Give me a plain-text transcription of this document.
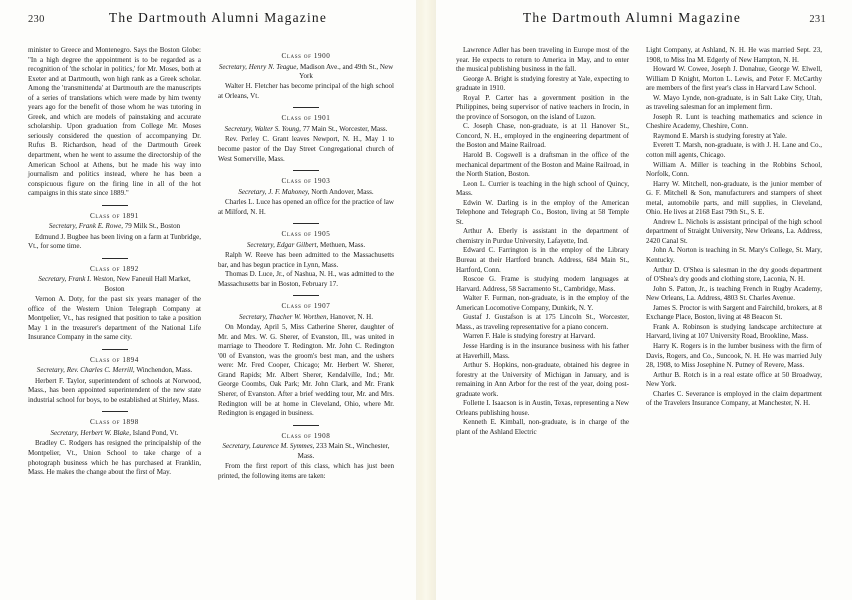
230	The Dartmouth Alumni Magazine

minister to Greece and Montenegro. Says the Boston Globe: "In a high degree the appointment is to be regarded as a recognition of 'the scholar in politics,' for Mr. Moses, both at Exeter and at Dartmouth, won high rank as a Greek scholar. Among the 'transmittenda' at Dartmouth are the manuscripts of a series of translations which were made by him twenty years ago for the benefit of those whom he was tutoring in Greek, and which are models of painstaking and accurate scholarship. Upon graduation from College Mr. Moses seriously considered the question of accompanying Dr. Rufus B. Richardson, head of the Dartmouth Greek department, when he went to assume the directorship of the American School at Athens, but he made his way into journalism and politics instead, where he has been a conspicuous figure on the firing line in all of the hot campaigns in this state since 1889."

Class of 1891
Secretary, Frank E. Rowe, 79 Milk St., Boston

Edmund J. Bugbee has been living on a farm at Tunbridge, Vt., for some time.

Class of 1892
Secretary, Frank I. Weston, New Faneuil Hall Market, Boston

Vernon A. Doty, for the past six years manager of the office of the Western Union Telegraph Company at Montpelier, Vt., has resigned that position to take a position May 1 in the treasurer's department of the National Life Insurance Company in the same city.

Class of 1894
Secretary, Rev. Charles C. Merrill, Winchendon, Mass.

Herbert F. Taylor, superintendent of schools at Norwood, Mass., has been appointed superintendent of the new state industrial school for boys, to be established at Shirley, Mass.

Class of 1898
Secretary, Herbert W. Blake, Island Pond, Vt.

Bradley C. Rodgers has resigned the principalship of the Montpelier, Vt., Union School to take charge of a photograph business which he has purchased at Franklin, Mass. He makes the change about the first of May.

Class of 1900
Secretary, Henry N. Teague, Madison Ave., and 49th St., New York

Walter H. Fletcher has become principal of the high school at Orleans, Vt.

Class of 1901
Secretary, Walter S. Young, 77 Main St., Worcester, Mass.

Rev. Perley C. Grant leaves Newport, N. H., May 1 to become pastor of the Day Street Congregational church of West Somerville, Mass.

Class of 1903
Secretary, J. F. Mahoney, North Andover, Mass.

Charles L. Luce has opened an office for the practice of law at Milford, N. H.

Class of 1905
Secretary, Edgar Gilbert, Methuen, Mass.

Ralph W. Reeve has been admitted to the Massachusetts bar, and has begun practice in Lynn, Mass.

Thomas D. Luce, Jr., of Nashua, N. H., was admitted to the Massachusetts bar in Boston, February 17.

Class of 1907
Secretary, Thacher W. Worthen, Hanover, N. H.

On Monday, April 5, Miss Catherine Sherer, daughter of Mr. and Mrs. W. G. Sherer, of Evanston, Ill., was united in marriage to Theodore T. Redington. Mr. John C. Redington '00 of Evanston, was the groom's best man, and the ushers were: Mr. Fred Cooper, Chicago; Mr. Herbert W. Sherer, Grand Rapids; Mr. Albert Sherer, Kendalville, Ind.; Mr. George Coombs, Oak Park; Mr. John Clark, and Mr. Frank Sherer, of Evanston. After a brief wedding tour, Mr. and Mrs. Redington will be at home in Cleveland, Ohio, where Mr. Redington is engaged in business.

Class of 1908
Secretary, Laurence M. Symmes, 233 Main St., Winchester, Mass.

From the first report of this class, which has just been printed, the following items are taken:

The Dartmouth Alumni Magazine	231

Lawrence Adler has been traveling in Europe most of the year. He expects to return to America in May, and to enter the musical publishing business in the fall.

George A. Bright is studying forestry at Yale, expecting to graduate in 1910.

Royal P. Carter has a government position in the Philippines, being supervisor of native teachers in Irocin, in the province of Sorsogon, on the island of Luzon.

C. Joseph Chase, non-graduate, is at 11 Hanover St., Concord, N. H., employed in the engineering department of the Boston and Maine Railroad.

Harold B. Cogswell is a draftsman in the office of the mechanical department of the Boston and Maine Railroad, in the North Station, Boston.

Leon L. Currier is teaching in the high school of Quincy, Mass.

Edwin W. Darling is in the employ of the American Telephone and Telegraph Co., Boston, living at 58 Temple St.

Arthur A. Eberly is assistant in the department of chemistry in Purdue University, Lafayette, Ind.

Edward C. Farrington is in the employ of the Library Bureau at their Hartford branch. Address, 684 Main St., Hartford, Conn.

Roscoe G. Frame is studying modern languages at Harvard. Address, 58 Sacramento St., Cambridge, Mass.

Walter F. Furman, non-graduate, is in the employ of the American Locomotive Company, Dunkirk, N. Y.

Gustaf J. Gustafson is at 175 Lincoln St., Worcester, Mass., as traveling representative for a piano concern.

Warren F. Hale is studying forestry at Harvard.

Jesse Harding is in the insurance business with his father at Haverhill, Mass.

Arthur S. Hopkins, non-graduate, obtained his degree in forestry at the University of Michigan in January, and is remaining in Ann Arbor for the rest of the year, doing post-graduate work.

Follette I. Isaacson is in Austin, Texas, representing a New Orleans publishing house.

Kenneth E. Kimball, non-graduate, is in charge of the plant of the Ashland Electric

Light Company, at Ashland, N. H. He was married Sept. 23, 1908, to Miss Ina M. Edgerly of New Hampton, N. H.

Howard W. Cowee, Joseph J. Donahue, George W. Elwell, William D Knight, Morton L. Lewis, and Peter F. McCarthy are members of the first year's class in Harvard Law School.

W. Mayo Lynde, non-graduate, is in Salt Lake City, Utah, as traveling salesman for an implement firm.

Joseph R. Lunt is teaching mathematics and science in Cheshire Academy, Cheshire, Conn.

Raymond E. Marsh is studying forestry at Yale.

Everett T. Marsh, non-graduate, is with J. H. Lane and Co., cotton mill agents, Chicago.

William A. Miller is teaching in the Robbins School, Norfolk, Conn.

Harry W. Mitchell, non-graduate, is the junior member of G. F. Mitchell & Son, manufacturers and stampers of sheet metal, automobile parts, and mill supplies, in Cleveland, Ohio. He lives at 2168 East 79th St., S. E.

Andrew L. Nichols is assistant principal of the high school department of Straight University, New Orleans, La. Address, 2420 Canal St.

John A. Norton is teaching in St. Mary's College, St. Mary, Kentucky.

Arthur D. O'Shea is salesman in the dry goods department of O'Shea's dry goods and clothing store, Laconia, N. H.

John S. Patton, Jr., is teaching French in Rugby Academy, New Orleans, La. Address, 4803 St. Charles Avenue.

James S. Proctor is with Sargent and Fairchild, brokers, at 8 Exchange Place, Boston, living at 48 Beacon St.

Frank A. Robinson is studying landscape architecture at Harvard, living at 107 University Road, Brookline, Mass.

Harry K. Rogers is in the lumber business with the firm of Davis, Rogers, and Co., Suncook, N. H. He was married July 28, 1908, to Miss Josephine N. Putney of Revere, Mass.

Arthur B. Rotch is in a real estate office at 50 Broadway, New York.

Charles C. Severance is employed in the claim department of the Travelers Insurance Company, at Manchester, N. H.
